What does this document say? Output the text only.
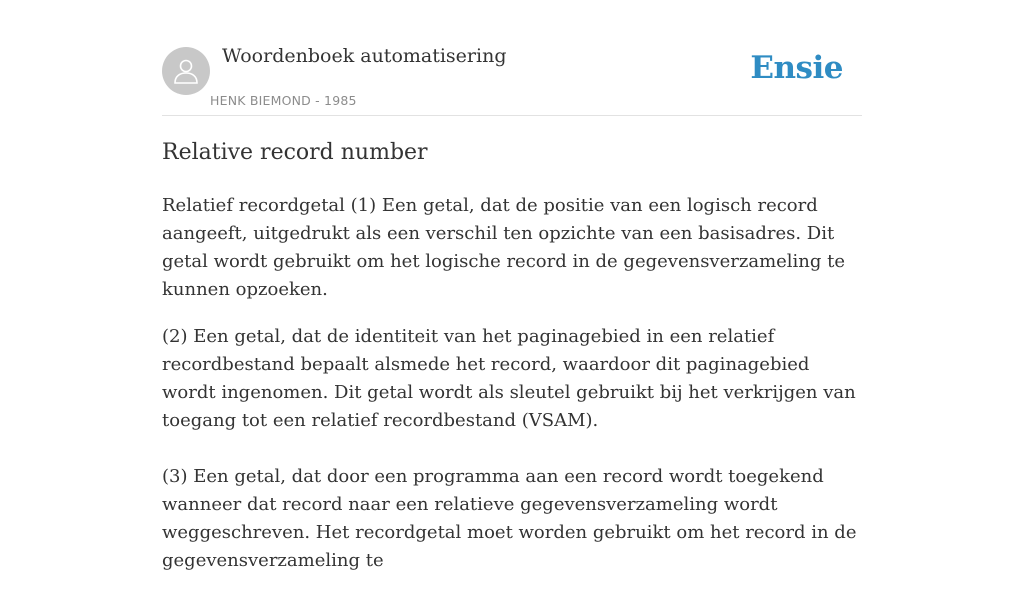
Woordenboek automatisering
HENK BIEMOND - 1985
Ensie
Relative record number

Relatief recordgetal (1) Een getal, dat de positie van een logisch record aangeeft, uitgedrukt als een verschil ten opzichte van een basisadres. Dit getal wordt gebruikt om het logische record in de gegevensverzameling te kunnen opzoeken.

(2) Een getal, dat de identiteit van het paginagebied in een relatief recordbestand bepaalt alsmede het record, waardoor dit paginagebied wordt ingenomen. Dit getal wordt als sleutel gebruikt bij het verkrijgen van toegang tot een relatief recordbestand (VSAM).

(3) Een getal, dat door een programma aan een record wordt toegekend wanneer dat record naar een relatieve gegevensverzameling wordt weggeschreven. Het recordgetal moet worden gebruikt om het record in de gegevensverzameling te
